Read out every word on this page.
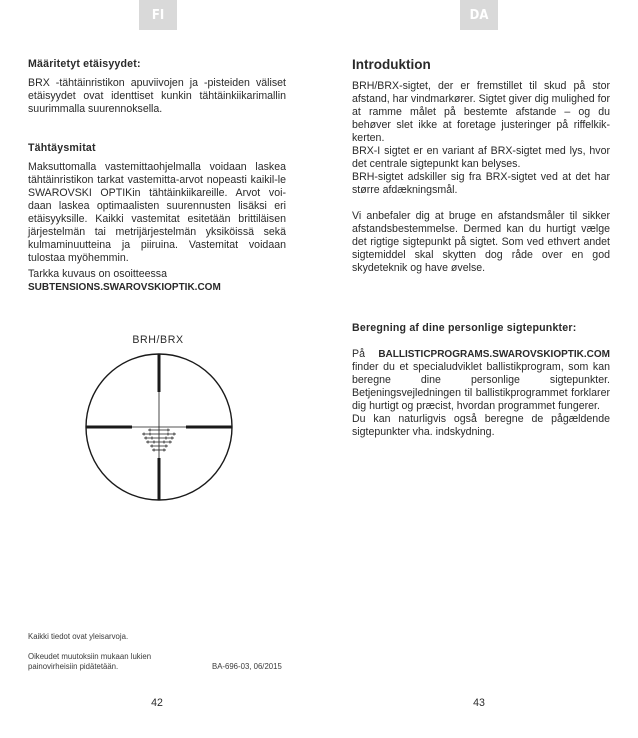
FI	DA

Määritetyt etäisyydet:

BRX -tähtäinristikon apuviivojen ja -pisteiden väliset etäisyydet ovat identtiset kunkin tähtäinkiikarimallin suurimmalla suurennoksella.

Tähtäysmitat

Maksuttomalla vastemittaohjelmalla voidaan laskea tähtäinristikon tarkat vastemitta-arvot nopeasti kaikil-le SWAROVSKI OPTIKin tähtäinkiikareille. Arvot voi-daan laskea optimaalisten suurennusten lisäksi eri etäisyyksille. Kaikki vastemitat esitetään brittiläisen järjestelmän tai metrijärjestelmän yksiköissä sekä kulmaminuutteina ja piiruina. Vastemitat voidaan tulostaa myöhemmin.

Tarkka kuvaus on osoitteessa

SUBTENSIONS.SWAROVSKIOPTIK.COM

BRH/BRX
Kaikki tiedot ovat yleisarvoja.
Oikeudet muutoksiin mukaan lukien painovirheisiin pidätetään.	BA-696-03, 06/2015
42

Introduktion

BRH/BRX-sigtet, der er fremstillet til skud på stor afstand, har vindmarkører. Sigtet giver dig mulighed for at ramme målet på bestemte afstande – og du behøver slet ikke at foretage justeringer på riffelkik-kerten.

BRX-I sigtet er en variant af BRX-sigtet med lys, hvor det centrale sigtepunkt kan belyses.

BRH-sigtet adskiller sig fra BRX-sigtet ved at det har større afdækningsmål.

Vi anbefaler dig at bruge en afstandsmåler til sikker afstandsbestemmelse. Dermed kan du hurtigt vælge det rigtige sigtepunkt på sigtet. Som ved ethvert andet sigtemiddel skal skytten dog råde over en god skydeteknik og have øvelse.

Beregning af dine personlige sigtepunkter:

På BALLISTICPROGRAMS.SWAROVSKIOPTIK.COM finder du et specialudviklet ballistikprogram, som kan beregne dine personlige sigtepunkter. Betjeningsvejledningen til ballistikprogrammet forklarer dig hurtigt og præcist, hvordan programmet fungerer.

Du kan naturligvis også beregne de pågældende sigtepunkter vha. indskydning.

43
